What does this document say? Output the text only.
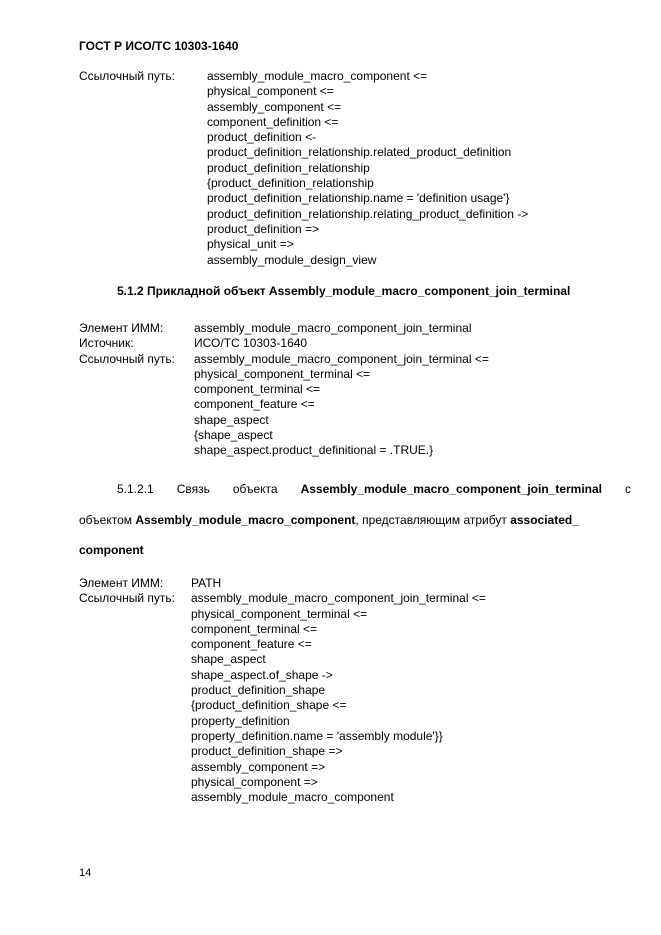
ГОСТ Р ИСО/ТС 10303-1640
Ссылочный путь:	assembly_module_macro_component <=
physical_component <=
assembly_component <=
component_definition <=
product_definition <-
product_definition_relationship.related_product_definition
product_definition_relationship
{product_definition_relationship
product_definition_relationship.name = 'definition usage'}
product_definition_relationship.relating_product_definition ->
product_definition =>
physical_unit =>
assembly_module_design_view
5.1.2 Прикладной объект Assembly_module_macro_component_join_terminal
Элемент ИММ:	assembly_module_macro_component_join_terminal
Источник:	ИСО/ТС 10303-1640
Ссылочный путь:	assembly_module_macro_component_join_terminal <=
physical_component_terminal <=
component_terminal <=
component_feature <=
shape_aspect
{shape_aspect
shape_aspect.product_definitional = .TRUE.}
5.1.2.1 Связь объекта Assembly_module_macro_component_join_terminal с
объектом Assembly_module_macro_component, представляющим атрибут associated_
component
Элемент ИММ:	PATH
Ссылочный путь:	assembly_module_macro_component_join_terminal <=
physical_component_terminal <=
component_terminal <=
component_feature <=
shape_aspect
shape_aspect.of_shape ->
product_definition_shape
{product_definition_shape <=
property_definition
property_definition.name = 'assembly module'}}
product_definition_shape =>
assembly_component =>
physical_component =>
assembly_module_macro_component
14
